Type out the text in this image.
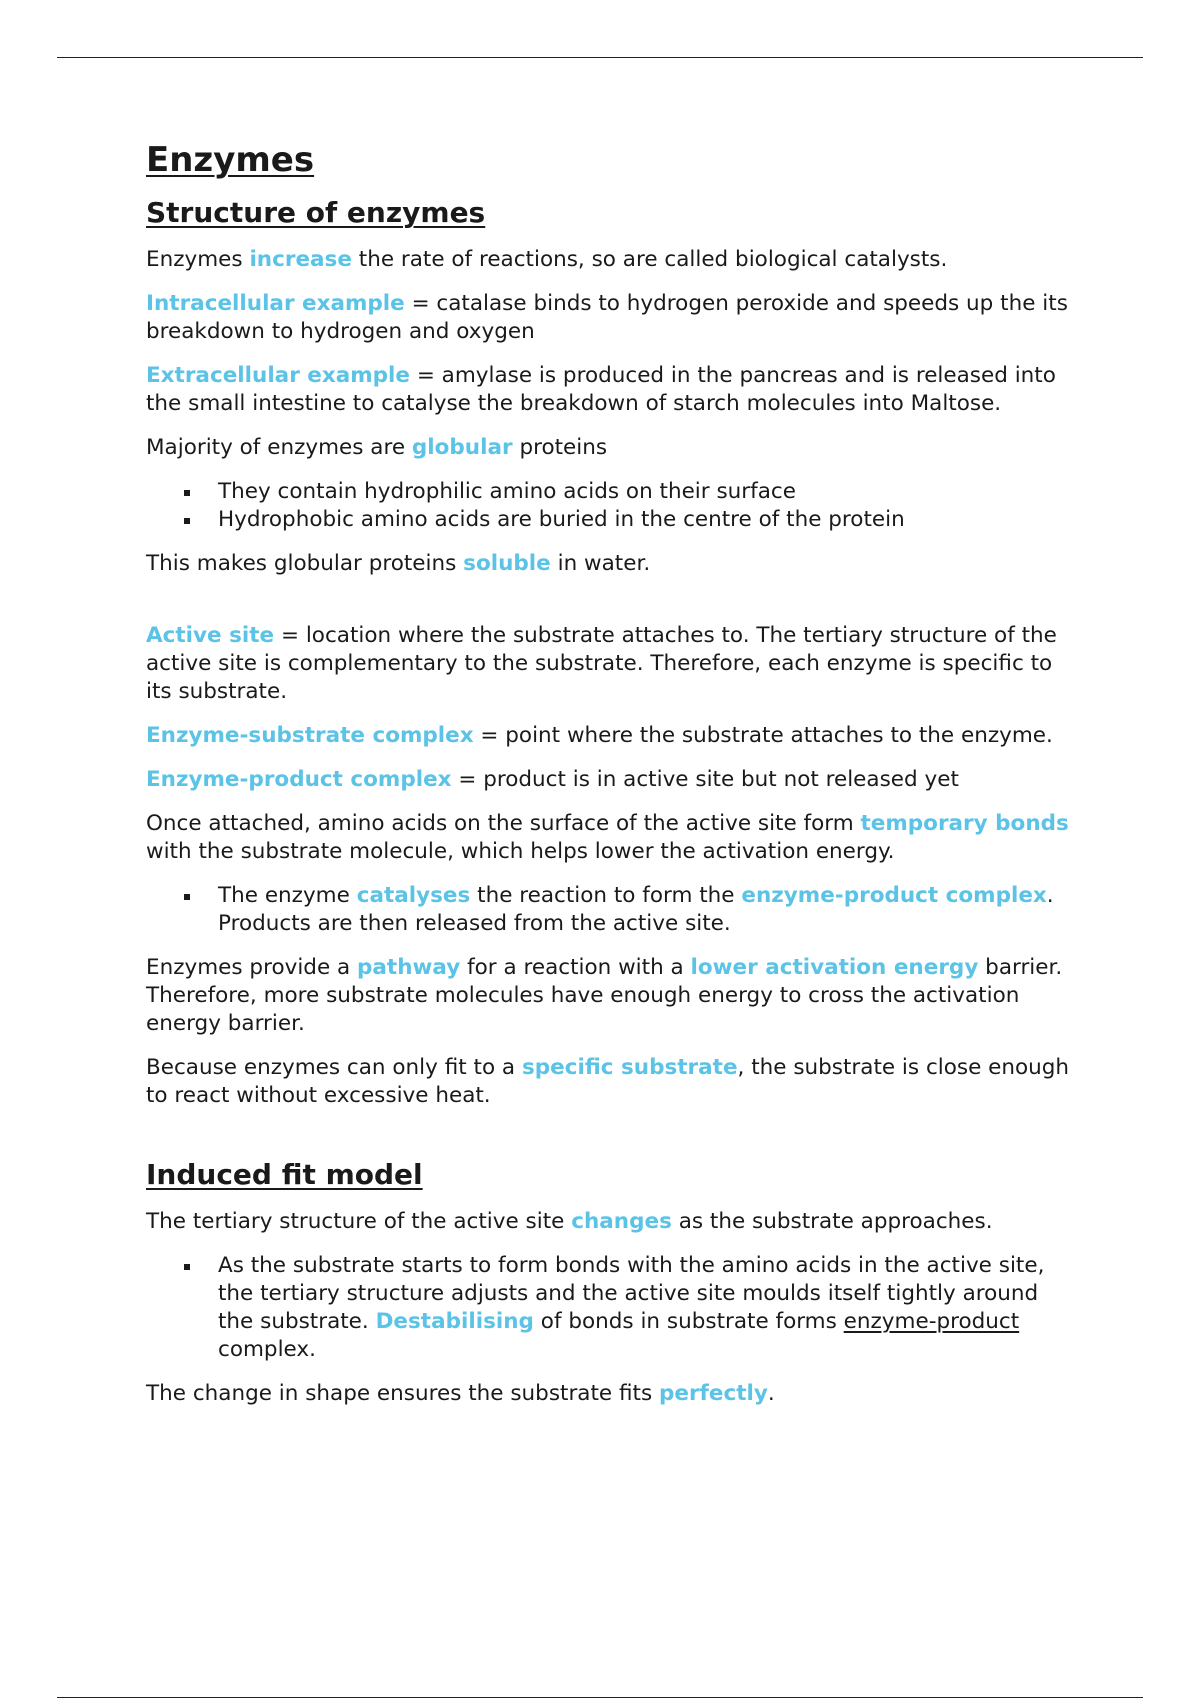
Enzymes
Structure of enzymes

Enzymes increase the rate of reactions, so are called biological catalysts.

Intracellular example = catalase binds to hydrogen peroxide and speeds up the its breakdown to hydrogen and oxygen

Extracellular example = amylase is produced in the pancreas and is released into the small intestine to catalyse the breakdown of starch molecules into Maltose.

Majority of enzymes are globular proteins

They contain hydrophilic amino acids on their surface
Hydrophobic amino acids are buried in the centre of the protein

This makes globular proteins soluble in water.

Active site = location where the substrate attaches to. The tertiary structure of the active site is complementary to the substrate. Therefore, each enzyme is specific to its substrate.

Enzyme-substrate complex = point where the substrate attaches to the enzyme.

Enzyme-product complex = product is in active site but not released yet

Once attached, amino acids on the surface of the active site form temporary bonds with the substrate molecule, which helps lower the activation energy.

The enzyme catalyses the reaction to form the enzyme-product complex. Products are then released from the active site.

Enzymes provide a pathway for a reaction with a lower activation energy barrier. Therefore, more substrate molecules have enough energy to cross the activation energy barrier.

Because enzymes can only fit to a specific substrate, the substrate is close enough to react without excessive heat.

Induced fit model

The tertiary structure of the active site changes as the substrate approaches.

As the substrate starts to form bonds with the amino acids in the active site, the tertiary structure adjusts and the active site moulds itself tightly around the substrate. Destabilising of bonds in substrate forms enzyme-product complex.

The change in shape ensures the substrate fits perfectly.
